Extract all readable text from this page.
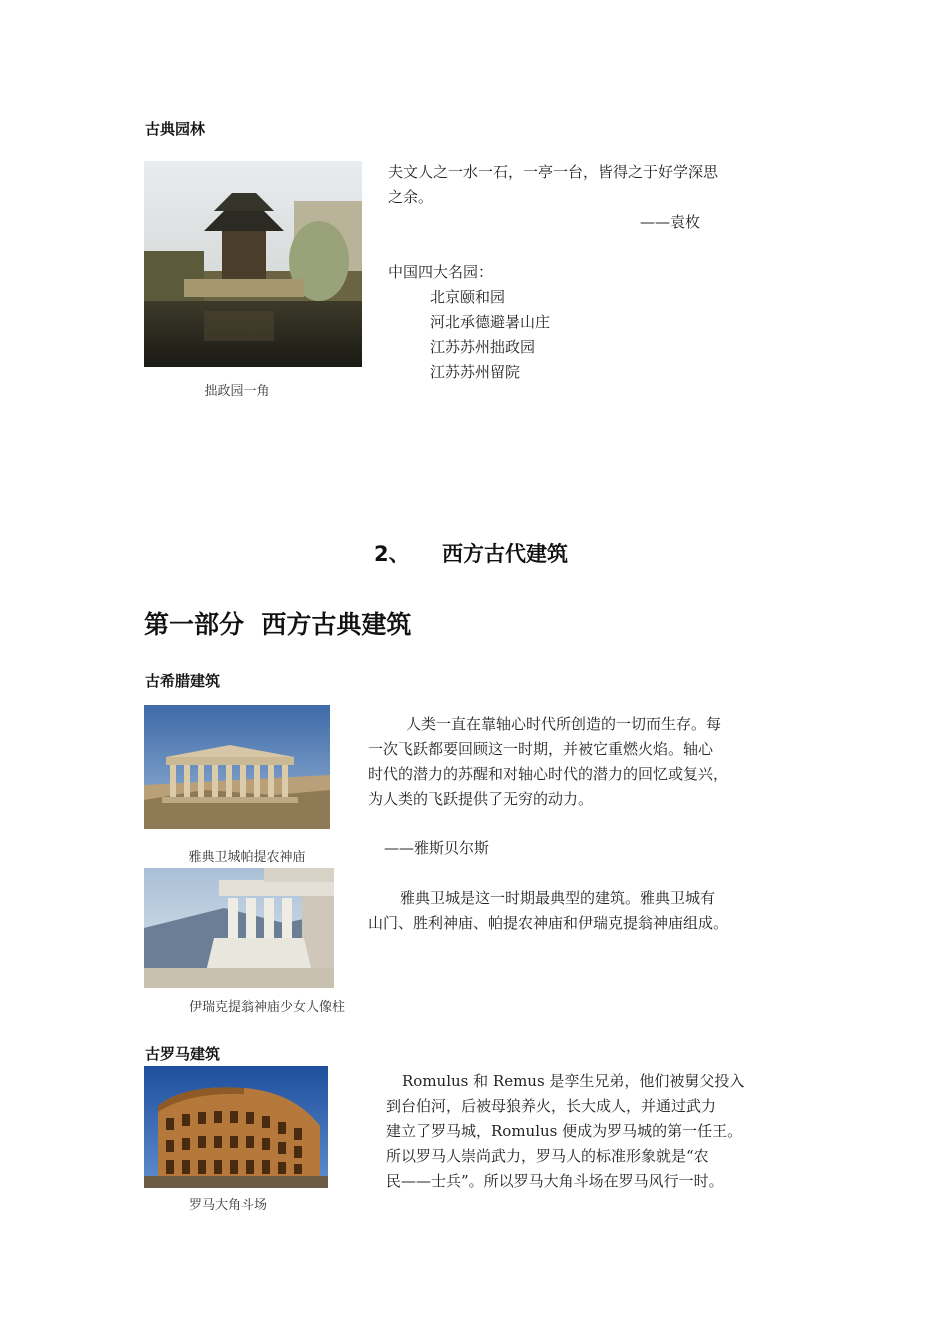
古典园林
拙政园一角
夫文人之一水一石，一亭一台，皆得之于好学深思
之余。
——袁枚
中国四大名园：
北京颐和园
河北承德避暑山庄
江苏苏州拙政园
江苏苏州留院
2、 西方古代建筑
第一部分  西方古典建筑
古希腊建筑
雅典卫城帕提农神庙
伊瑞克提翁神庙少女人像柱
人类一直在靠轴心时代所创造的一切而生存。每
一次飞跃都要回顾这一时期，并被它重燃火焰。轴心
时代的潜力的苏醒和对轴心时代的潜力的回忆或复兴，
为人类的飞跃提供了无穷的动力。
——雅斯贝尔斯
雅典卫城是这一时期最典型的建筑。雅典卫城有
山门、胜利神庙、帕提农神庙和伊瑞克提翁神庙组成。
古罗马建筑
罗马大角斗场
Romulus 和 Remus 是孪生兄弟，他们被舅父投入
到台伯河，后被母狼养火，长大成人，并通过武力
建立了罗马城，Romulus 便成为罗马城的第一任王。
所以罗马人崇尚武力，罗马人的标准形象就是“农
民——士兵”。所以罗马大角斗场在罗马风行一时。
